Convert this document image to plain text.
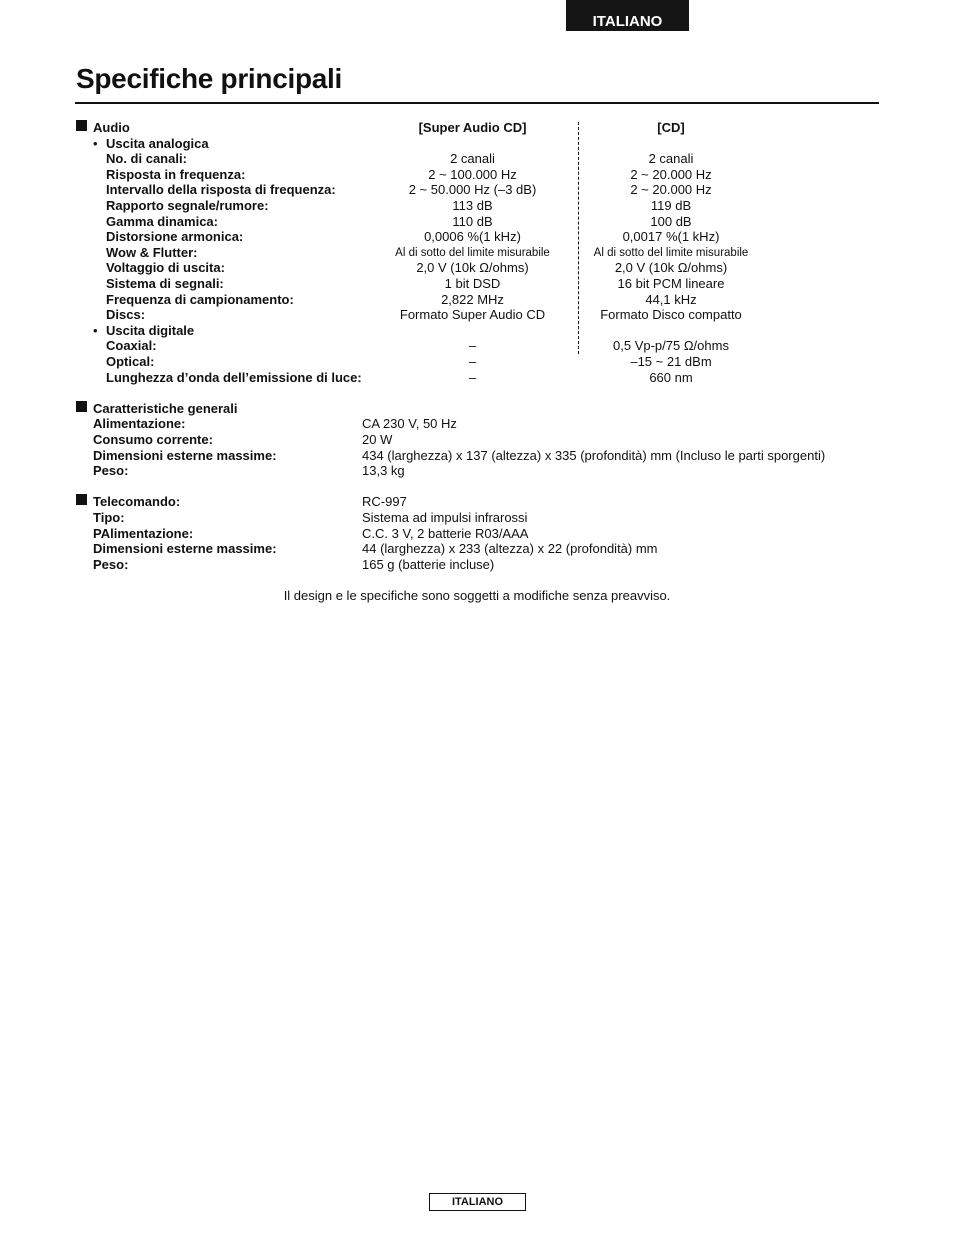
ITALIANO
Specifiche principali
Audio	[Super Audio CD]	[CD]
• Uscita analogica
No. di canali:	2 canali	2 canali
Risposta in frequenza:	2 ~ 100.000 Hz	2 ~ 20.000 Hz
Intervallo della risposta di frequenza:	2 ~ 50.000 Hz (–3 dB)	2 ~ 20.000 Hz
Rapporto segnale/rumore:	113 dB	119 dB
Gamma dinamica:	110 dB	100 dB
Distorsione armonica:	0,0006 %(1 kHz)	0,0017 %(1 kHz)
Wow & Flutter:	Al di sotto del limite misurabile	Al di sotto del limite misurabile
Voltaggio di uscita:	2,0 V (10k Ω/ohms)	2,0 V (10k Ω/ohms)
Sistema di segnali:	1 bit DSD	16 bit PCM lineare
Frequenza di campionamento:	2,822 MHz	44,1 kHz
Discs:	Formato Super Audio CD	Formato Disco compatto
• Uscita digitale
Coaxial:	–	0,5 Vp-p/75 Ω/ohms
Optical:	–	–15 ~ 21 dBm
Lunghezza d’onda dell’emissione di luce:	–	660 nm
Caratteristiche generali
Alimentazione:	CA 230 V, 50 Hz
Consumo corrente:	20 W
Dimensioni esterne massime:	434 (larghezza) x 137 (altezza) x 335 (profondità) mm (Incluso le parti sporgenti)
Peso:	13,3 kg
Telecomando:	RC-997
Tipo:	Sistema ad impulsi infrarossi
PAlimentazione:	C.C. 3 V, 2 batterie R03/AAA
Dimensioni esterne massime:	44 (larghezza) x 233 (altezza) x 22 (profondità) mm
Peso:	165 g (batterie incluse)
Il design e le specifiche sono soggetti a modifiche senza preavviso.
ITALIANO
